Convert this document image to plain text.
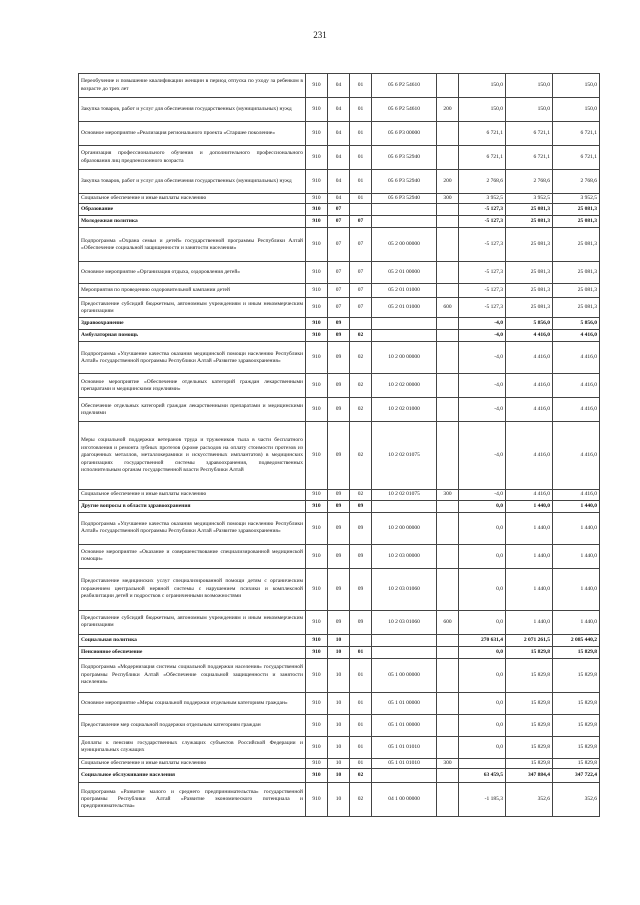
231
Переобучение и повышение квалификации женщин в период отпуска по уходу за ребенком в возрасте до трех лет	910	04	01	05 6 P2 54610		150,0	150,0	150,0
Закупка товаров, работ и услуг для обеспечения государственных (муниципальных) нужд	910	04	01	05 6 P2 54610	200	150,0	150,0	150,0
Основное мероприятие «Реализация регионального проекта «Старшее поколение»	910	04	01	05 6 P3 00000		6 721,1	6 721,1	6 721,1
Организация профессионального обучения и дополнительного профессионального образования лиц предпенсионного возраста	910	04	01	05 6 P3 52940		6 721,1	6 721,1	6 721,1
Закупка товаров, работ и услуг для обеспечения государственных (муниципальных) нужд	910	04	01	05 6 P3 52940	200	2 768,6	2 768,6	2 768,6
Социальное обеспечение и иные выплаты населению	910	04	01	05 6 P3 52940	300	3 952,5	3 952,5	3 952,5
Образование	910	07				-5 127,3	25 081,3	25 081,3
Молодежная политика	910	07	07			-5 127,3	25 081,3	25 081,3
Подпрограмма «Охрана семьи и детей» государственной программы Республики Алтай «Обеспечение социальной защищенности и занятости населения»	910	07	07	05 2 00 00000		-5 127,3	25 081,3	25 081,3
Основное мероприятие «Организация отдыха, оздоровления детей»	910	07	07	05 2 01 00000		-5 127,3	25 081,3	25 081,3
Мероприятия по проведению оздоровительной кампании детей	910	07	07	05 2 01 01000		-5 127,3	25 081,3	25 081,3
Предоставление субсидий бюджетным, автономным учреждениям и иным некоммерческим организациям	910	07	07	05 2 01 01000	600	-5 127,3	25 081,3	25 081,3
Здравоохранение	910	09				-4,0	5 856,0	5 856,0
Амбулаторная помощь	910	09	02			-4,0	4 416,0	4 416,0
Подпрограмма «Улучшение качества оказания медицинской помощи населению Республики Алтай» государственной программы Республики Алтай «Развитие здравоохранения»	910	09	02	10 2 00 00000		-4,0	4 416,0	4 416,0
Основное мероприятие «Обеспечение отдельных категорий граждан лекарственными препаратами и медицинскими изделиями»	910	09	02	10 2 02 00000		-4,0	4 416,0	4 416,0
Обеспечение отдельных категорий граждан лекарственными препаратами и медицинскими изделиями	910	09	02	10 2 02 01000		-4,0	4 416,0	4 416,0
Меры социальной поддержки ветеранов труда и тружеников тыла в части бесплатного изготовления и ремонта зубных протезов (кроме расходов на оплату стоимости протезов из драгоценных металлов, металлокерамики и искусственных имплантатов) в медицинских организациях государственной системы здравоохранения, подведомственных исполнительным органам государственной власти Республики Алтай	910	09	02	10 2 02 01075		-4,0	4 416,0	4 416,0
Социальное обеспечение и иные выплаты населению	910	09	02	10 2 02 01075	300	-4,0	4 416,0	4 416,0
Другие вопросы в области здравоохранения	910	09	09			0,0	1 440,0	1 440,0
Подпрограмма «Улучшение качества оказания медицинской помощи населению Республики Алтай» государственной программы Республики Алтай «Развитие здравоохранения»	910	09	09	10 2 00 00000		0,0	1 440,0	1 440,0
Основное мероприятие «Оказание и совершенствование специализированной медицинской помощи»	910	09	09	10 2 03 00000		0,0	1 440,0	1 440,0
Предоставление медицинских услуг специализированной помощи детям с органическим поражением центральной нервной системы с нарушением психики и комплексной реабилитации детей и подростков с ограниченными возможностями	910	09	09	10 2 03 01060		0,0	1 440,0	1 440,0
Предоставление субсидий бюджетным, автономным учреждениям и иным некоммерческим организациям	910	09	09	10 2 03 01060	600	0,0	1 440,0	1 440,0
Социальная политика	910	10				270 631,4	2 071 261,5	2 085 440,2
Пенсионное обеспечение	910	10	01			0,0	15 829,8	15 829,8
Подпрограмма «Модернизация системы социальной поддержки населения» государственной программы Республики Алтай «Обеспечение социальной защищенности и занятости населения»	910	10	01	05 1 00 00000		0,0	15 829,8	15 829,8
Основное мероприятие «Меры социальной поддержки отдельным категориям граждан»	910	10	01	05 1 01 00000		0,0	15 829,8	15 829,8
Предоставление мер социальной поддержки отдельным категориям граждан	910	10	01	05 1 01 00000		0,0	15 829,8	15 829,8
Доплаты к пенсиям государственных служащих субъектов Российской Федерации и муниципальных служащих	910	10	01	05 1 01 01010		0,0	15 829,8	15 829,8
Социальное обеспечение и иные выплаты населению	910	10	01	05 1 01 01010	300		15 829,8	15 829,8
Социальное обслуживание населения	910	10	02			63 459,5	347 884,4	347 722,4
Подпрограмма «Развитие малого и среднего предпринимательства» государственной программы Республики Алтай «Развитие экономического потенциала и предпринимательства»	910	10	02	04 1 00 00000		-1 185,3	352,6	352,6
